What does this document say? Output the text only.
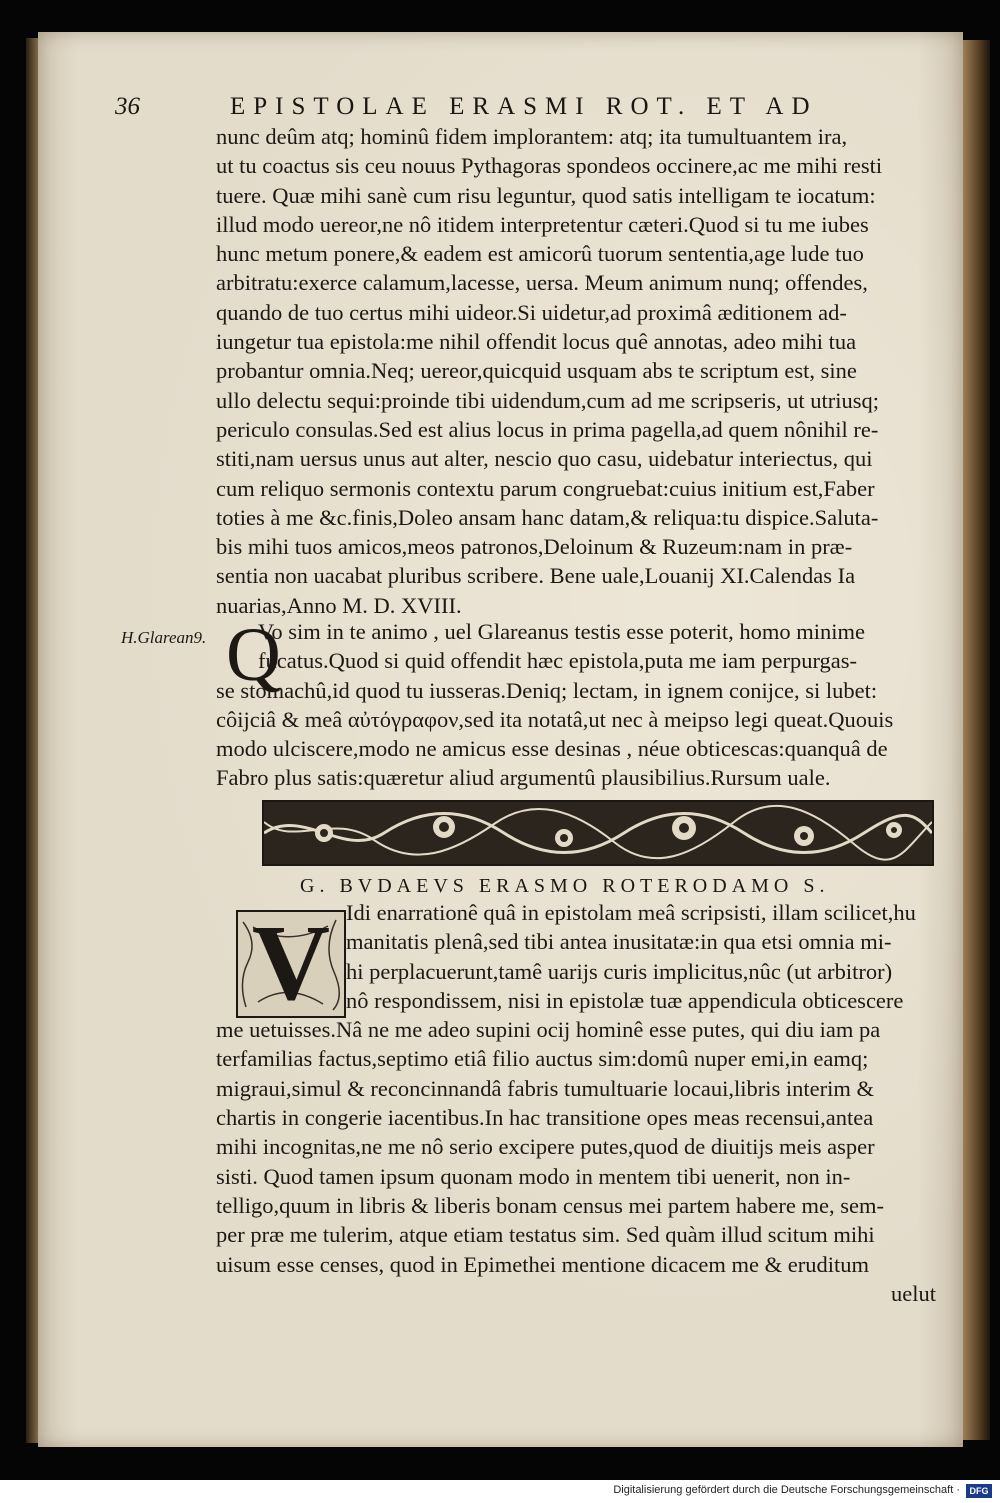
36	EPISTOLAE ERASMI ROT. ET AD
nunc deûm atq; hominû fidem implorantem: atq; ita tumultuantem ira,
ut tu coactus sis ceu nouus Pythagoras spondeos occinere,ac me mihi resti
tuere. Quæ mihi sanè cum risu leguntur, quod satis intelligam te iocatum:
illud modo uereor,ne nô itidem interpretentur cæteri.Quod si tu me iubes
hunc metum ponere,& eadem est amicorû tuorum sententia,age lude tuo
arbitratu:exerce calamum,lacesse, uersa. Meum animum nunq; offendes,
quando de tuo certus mihi uideor.Si uidetur,ad proximâ æditionem ad-
iungetur tua epistola:me nihil offendit locus quê annotas, adeo mihi tua
probantur omnia.Neq; uereor,quicquid usquam abs te scriptum est, sine
ullo delectu sequi:proinde tibi uidendum,cum ad me scripseris, ut utriusq;
periculo consulas.Sed est alius locus in prima pagella,ad quem nônihil re-
stiti,nam uersus unus aut alter, nescio quo casu, uidebatur interiectus, qui
cum reliquo sermonis contextu parum congruebat:cuius initium est,Faber
toties à me &c.finis,Doleo ansam hanc datam,& reliqua:tu dispice.Saluta-
bis mihi tuos amicos,meos patronos,Deloinum & Ruzeum:nam in præ-
sentia non uacabat pluribus scribere. Bene uale,Louanij XI.Calendas Ia
nuarias,Anno M. D. XVIII.
H.Glarean9. Q
Vo sim in te animo , uel Glareanus testis esse poterit, homo minime
fucatus.Quod si quid offendit hæc epistola,puta me iam perpurgas-
se stomachû,id quod tu iusseras.Deniq; lectam, in ignem conijce, si lubet:
côijciâ & meâ αὐτόγραφον,sed ita notatâ,ut nec à meipso legi queat.Quouis
modo ulciscere,modo ne amicus esse desinas , néue obticescas:quanquâ de
Fabro plus satis:quæretur aliud argumentû plausibilius.Rursum uale.
G. BVDAEVS ERASMO ROTERODAMO S.
V Idi enarrationê quâ in epistolam meâ scripsisti, illam scilicet,hu
manitatis plenâ,sed tibi antea inusitatæ:in qua etsi omnia mi-
hi perplacuerunt,tamê uarijs curis implicitus,nûc (ut arbitror)
nô respondissem, nisi in epistolæ tuæ appendicula obticescere
me uetuisses.Nâ ne me adeo supini ocij hominê esse putes, qui diu iam pa
terfamilias factus,septimo etiâ filio auctus sim:domû nuper emi,in eamq;
migraui,simul & reconcinnandâ fabris tumultuarie locaui,libris interim &
chartis in congerie iacentibus.In hac transitione opes meas recensui,antea
mihi incognitas,ne me nô serio excipere putes,quod de diuitijs meis asper
sisti. Quod tamen ipsum quonam modo in mentem tibi uenerit, non in-
telligo,quum in libris & liberis bonam census mei partem habere me, sem-
per præ me tulerim, atque etiam testatus sim. Sed quàm illud scitum mihi
uisum esse censes, quod in Epimethei mentione dicacem me & eruditum
uelut
Digitalisierung gefördert durch die Deutsche Forschungsgemeinschaft ·	DFG
